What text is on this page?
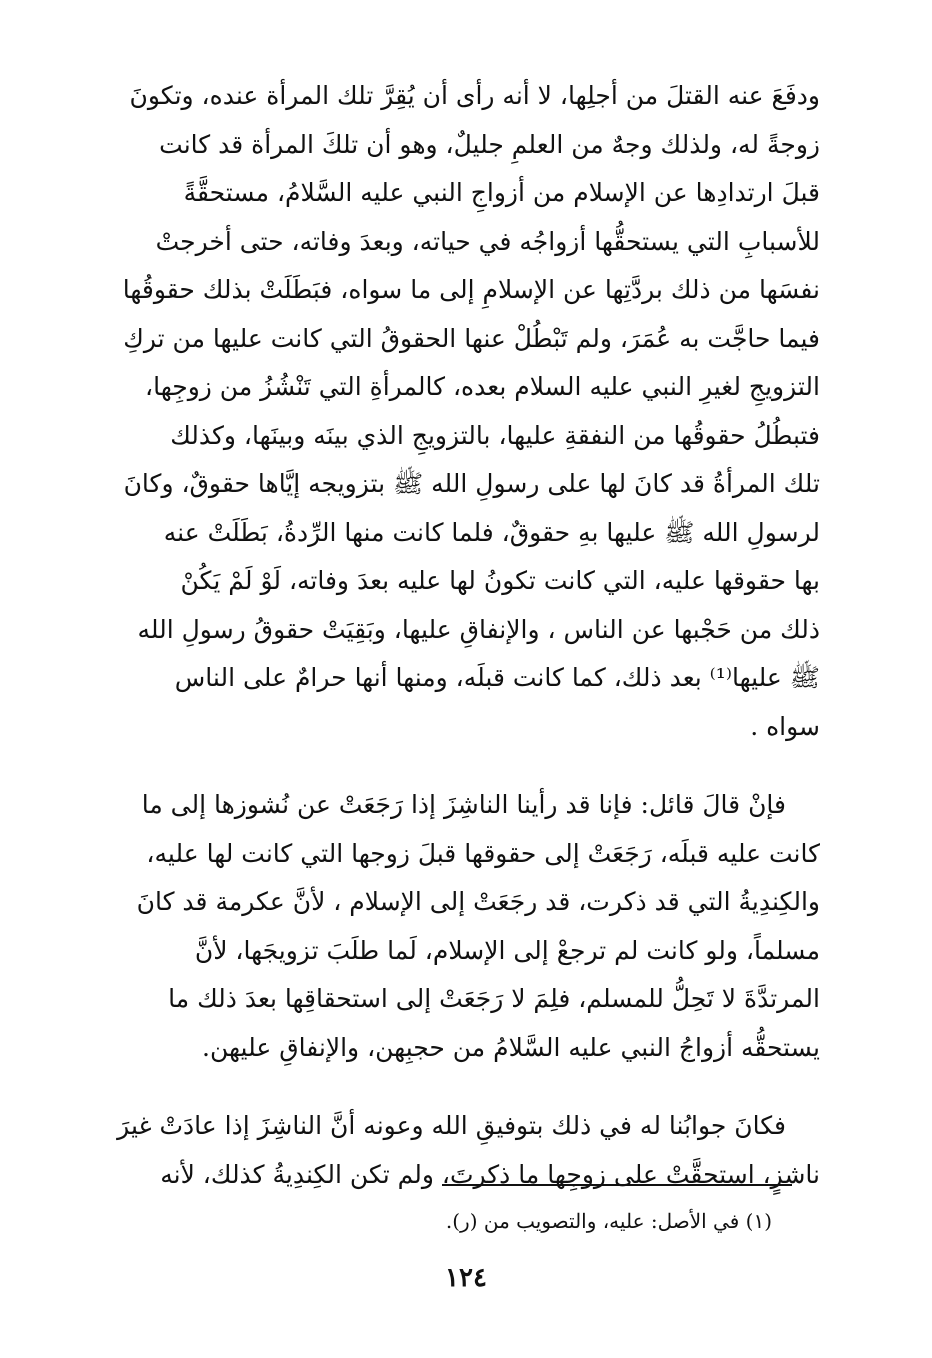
ودفَعَ عنه القتلَ من أجلِها، لا أنه رأى أن يُقِرَّ تلك المرأة عنده، وتكونَ
زوجةً له، ولذلك وجهٌ من العلمِ جليلٌ، وهو أن تلكَ المرأة قد كانت
قبلَ ارتدادِها عن الإسلام من أزواجِ النبي عليه السَّلامُ، مستحقَّةً
للأسبابِ التي يستحقُّها أزواجُه في حياته، وبعدَ وفاته، حتى أخرجتْ
نفسَها من ذلك بردَّتِها عن الإسلامِ إلى ما سواه، فبَطَلَتْ بذلك حقوقُها
فيما حاجَّت به عُمَرَ، ولم تَبْطُلْ عنها الحقوقُ التي كانت عليها من تركِ
التزويجِ لغيرِ النبي عليه السلام بعده، كالمرأةِ التي تَنْشُزُ من زوجِها،
فتبطُلُ حقوقُها من النفقةِ عليها، بالتزويجِ الذي بينَه وبينَها، وكذلك
تلك المرأةُ قد كانَ لها على رسولِ الله ﷺ بتزويجه إيَّاها حقوقٌ، وكانَ
لرسولِ الله ﷺ عليها بهِ حقوقٌ، فلما كانت منها الرِّدةُ، بَطَلَتْ عنه
بها حقوقها عليه، التي كانت تكونُ لها عليه بعدَ وفاته، لَوْ لَمْ يَكُنْ
ذلك من حَجْبها عن الناس ، والإنفاقِ عليها، وبَقِيَتْ حقوقُ رسولِ الله
ﷺ عليها⁽¹⁾ بعد ذلك، كما كانت قبلَه، ومنها أنها حرامٌ على الناس
سواه .
فإنْ قالَ قائل: فإنا قد رأينا الناشِزَ إذا رَجَعَتْ عن نُشوزها إلى ما
كانت عليه قبلَه، رَجَعَتْ إلى حقوقها قبلَ زوجها التي كانت لها عليه،
والكِندِيةُ التي قد ذكرت، قد رجَعَتْ إلى الإسلام ، لأنَّ عكرمة قد كانَ
مسلماً، ولو كانت لم ترجعْ إلى الإسلام، لَما طلَبَ تزويجَها، لأنَّ
المرتدَّةَ لا تَحِلُّ للمسلم، فلِمَ لا رَجَعَتْ إلى استحقاقِها بعدَ ذلك ما
يستحقُّه أزواجُ النبي عليه السَّلامُ من حجبِهن، والإنفاقِ عليهن.
فكانَ جوابُنا له في ذلك بتوفيقِ الله وعونه أنَّ الناشِزَ إذا عادَتْ غيرَ
ناشزٍ، استحقَّتْ على زوجِها ما ذكرتَ، ولم تكن الكِندِيةُ كذلك، لأنه
(١) في الأصل: عليه، والتصويب من (ر).
١٢٤
